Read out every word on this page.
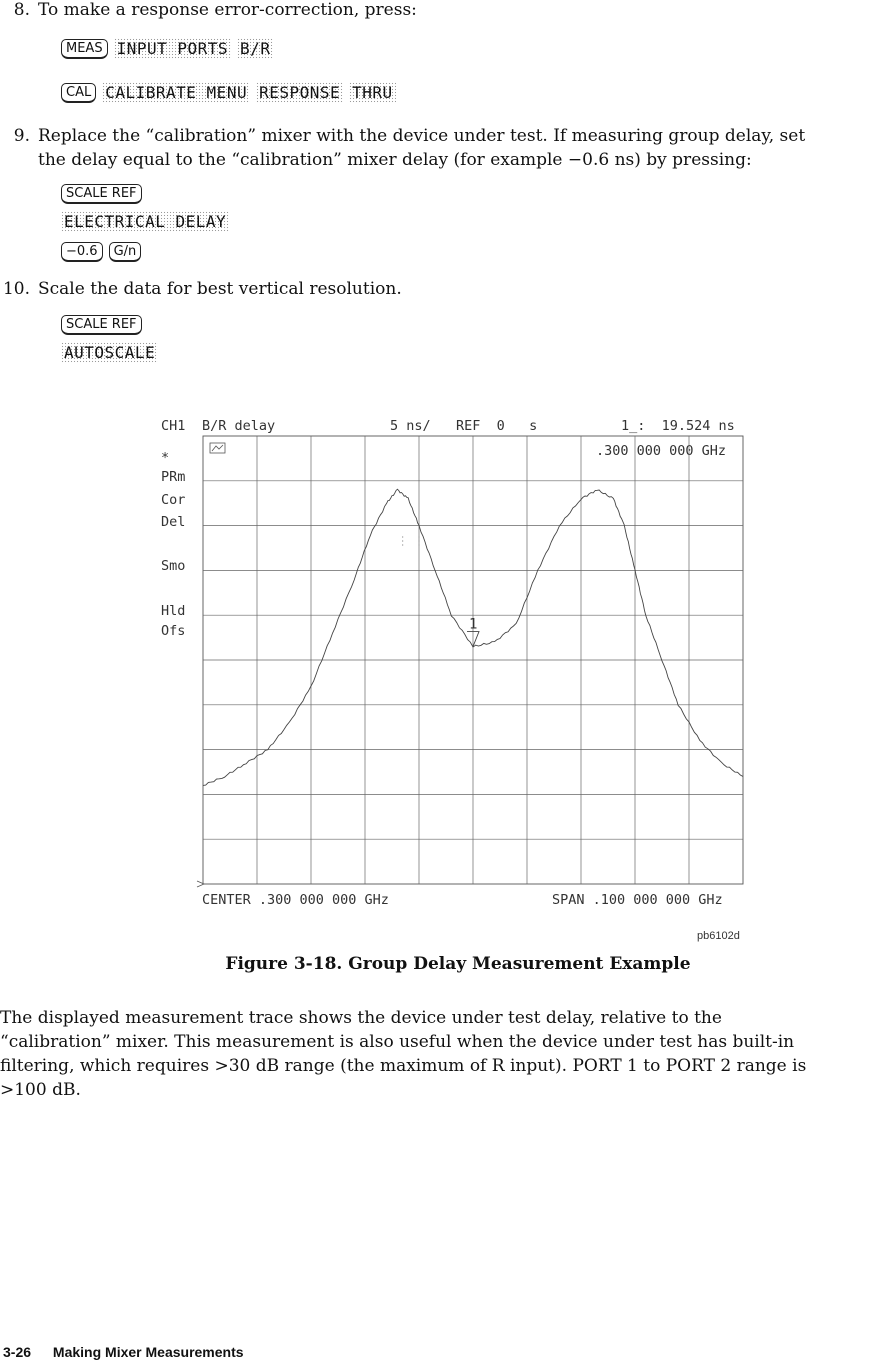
8. To make a response error-correction, press:
MEAS INPUT PORTS B/R
CAL CALIBRATE MENU RESPONSE THRU
9. Replace the “calibration” mixer with the device under test. If measuring group delay, set
the delay equal to the “calibration” mixer delay (for example −0.6 ns) by pressing:
SCALE REF
ELECTRICAL DELAY
−0.6	G/n
10. Scale the data for best vertical resolution.
SCALE REF
AUTOSCALE
CH1 B/R delay	5 ns/ REF  0   s	1_:  19.524 ns
.300 000 000 GHz
*
PRm
Cor
Del
Smo
Hld
Ofs	1
CENTER .300 000 000 GHz	SPAN .100 000 000 GHz
pb6102d
Figure 3-18. Group Delay Measurement Example
The displayed measurement trace shows the device under test delay, relative to the
“calibration” mixer. This measurement is also useful when the device under test has built-in
filtering, which requires >30 dB range (the maximum of R input). PORT 1 to PORT 2 range is
>100 dB.
3-26 Making Mixer Measurements
